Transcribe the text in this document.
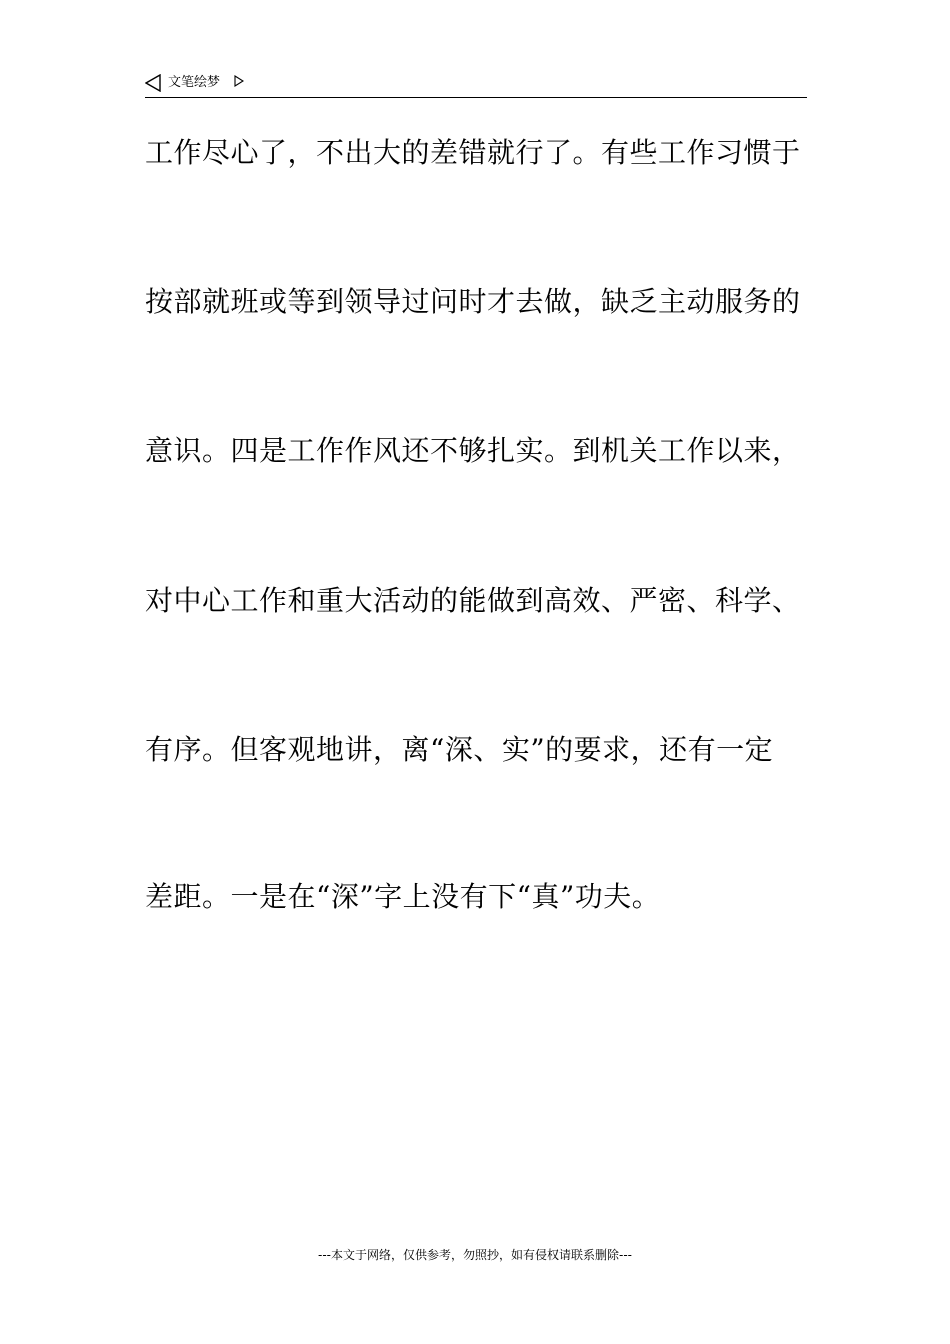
文笔绘梦
工作尽心了，不出大的差错就行了。有些工作习惯于
按部就班或等到领导过问时才去做，缺乏主动服务的
意识。四是工作作风还不够扎实。到机关工作以来，
对中心工作和重大活动的能做到高效、严密、科学、
有序。但客观地讲，离“深、实”的要求，还有一定
差距。一是在“深”字上没有下“真”功夫。
---本文于网络，仅供参考，勿照抄，如有侵权请联系删除---
